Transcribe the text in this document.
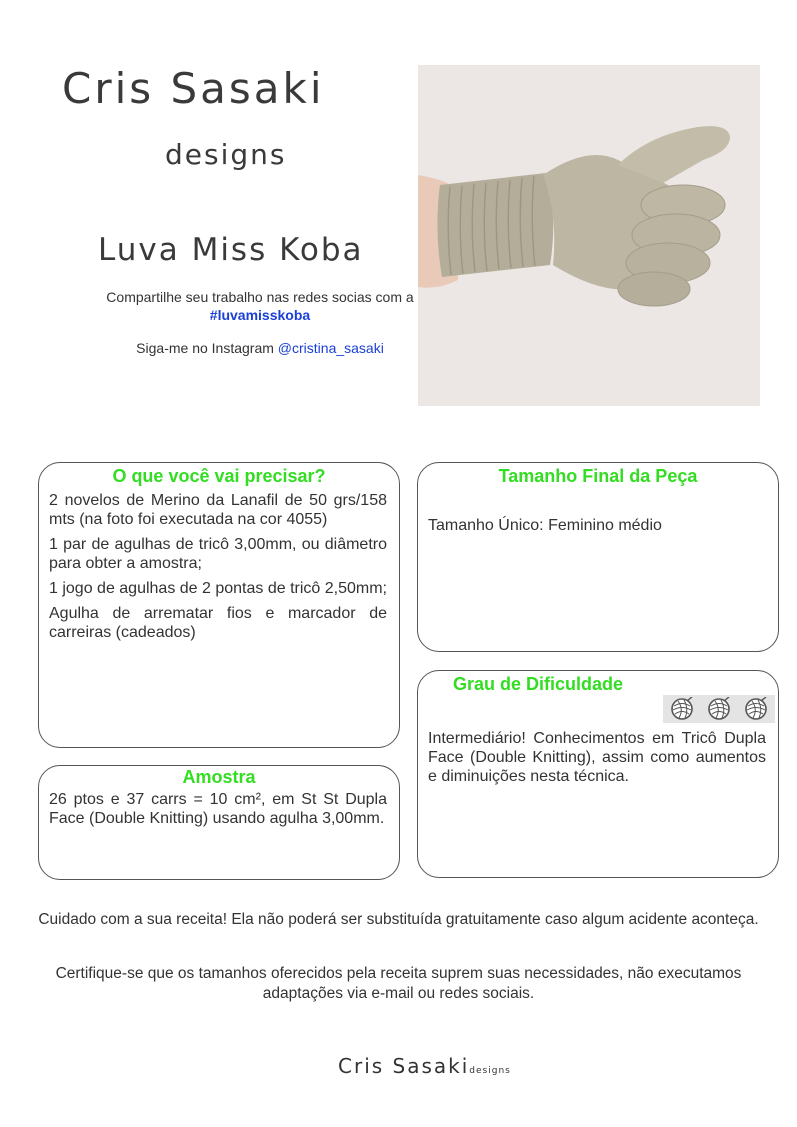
Cris Sasaki
designs
Luva Miss Koba
Compartilhe seu trabalho nas redes socias com a
#luvamisskoba
Siga-me no Instagram @cristina_sasaki
O que você vai precisar?

2 novelos de Merino da Lanafil de 50 grs/158 mts (na foto foi executada na cor 4055)

1 par de agulhas de tricô 3,00mm, ou diâmetro para obter a amostra;

1 jogo de agulhas de 2 pontas de tricô 2,50mm;

Agulha de arrematar fios e marcador de carreiras (cadeados)

Tamanho Final da Peça
Tamanho Único: Feminino médio
Grau de Dificuldade
Intermediário! Conhecimentos em Tricô Dupla Face (Double Knitting), assim como aumentos e diminuições nesta técnica.
Amostra
26 ptos e 37 carrs = 10 cm², em St St Dupla Face (Double Knitting) usando agulha 3,00mm.
Cuidado com a sua receita! Ela não poderá ser substituída gratuitamente caso algum acidente aconteça.
Certifique-se que os tamanhos oferecidos pela receita suprem suas necessidades, não executamos adaptações via e-mail ou redes sociais.
Cris Sasakidesigns
